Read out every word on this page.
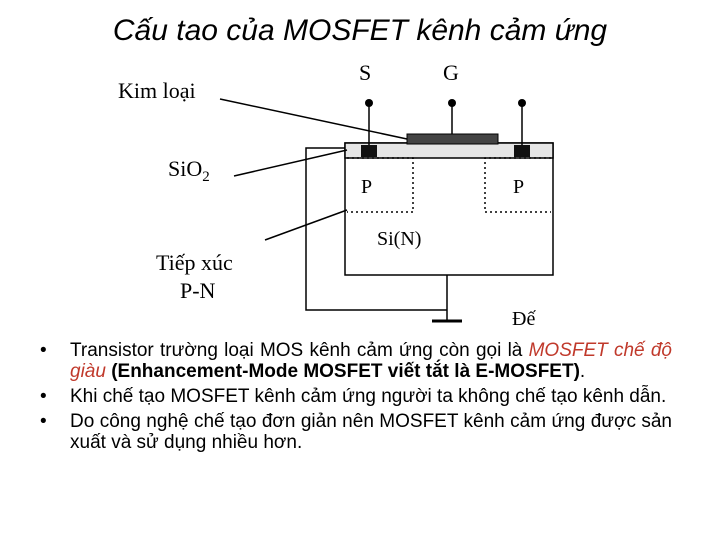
Cấu tao của MOSFET kênh cảm ứng
Kim loại
SiO$_2$
Tiếp xúc
P-N
S	G
P	P
Si(N)
Đế
• Transistor trường loại MOS kênh cảm ứng còn gọi là MOSFET chế độ giàu (Enhancement-Mode MOSFET viết tắt là E-MOSFET).
• Khi chế tạo MOSFET kênh cảm ứng người ta không chế tạo kênh dẫn.
• Do công nghệ chế tạo đơn giản nên MOSFET kênh cảm ứng được sản xuất và sử dụng nhiều hơn.
